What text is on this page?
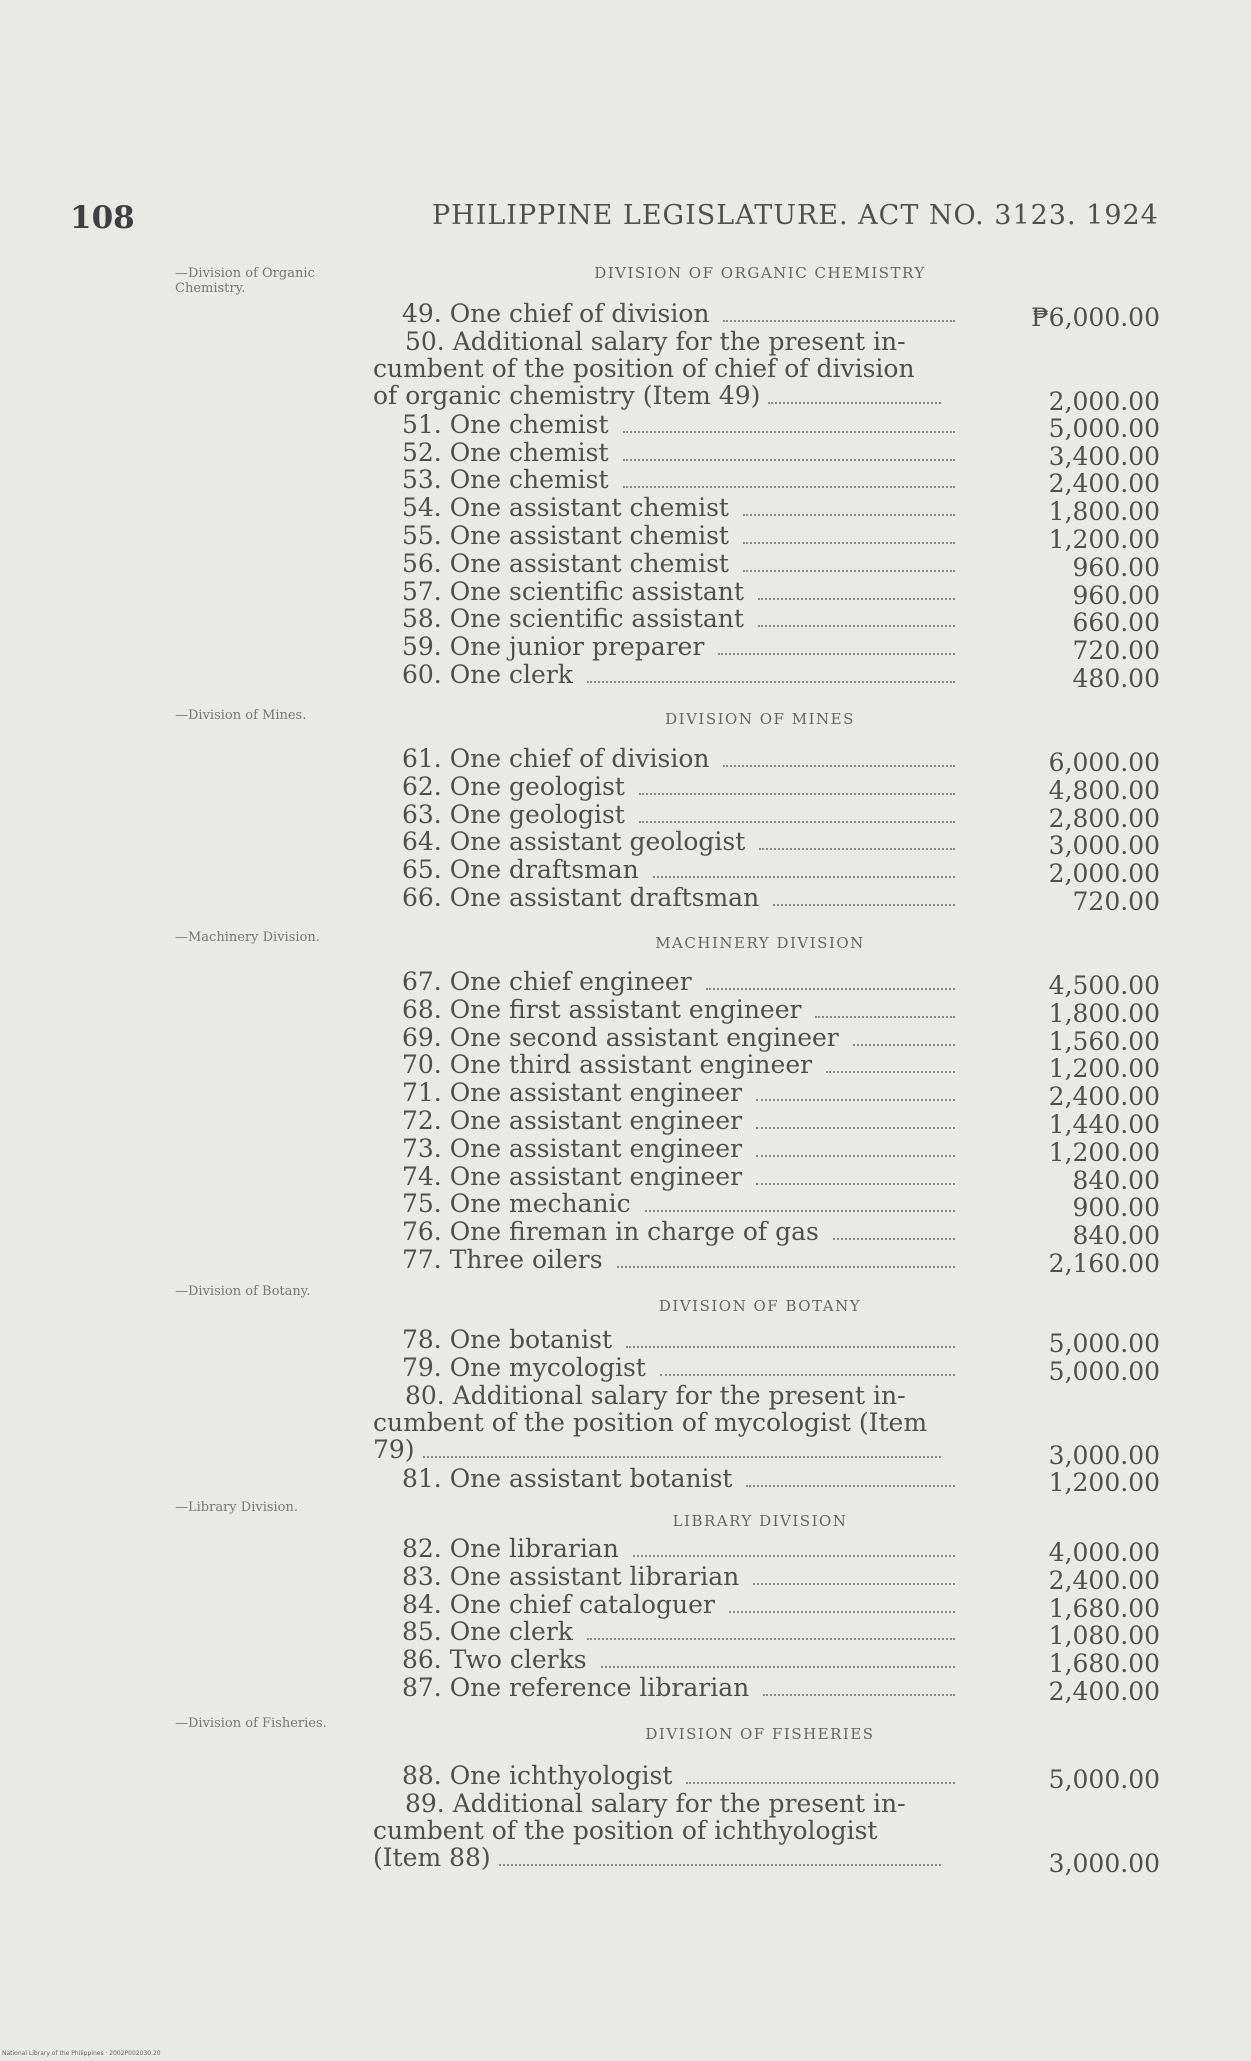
108	PHILIPPINE LEGISLATURE. ACT NO. 3123. 1924
—Division of Organic Chemistry.
—Division of Mines.
—Machinery Division.
—Division of Botany.
—Library Division.
—Division of Fisheries.
DIVISION OF ORGANIC CHEMISTRY
49. One chief of division	₱6,000.00
50. Additional salary for the present in-
cumbent of the position of chief of division
of organic chemistry (Item 49)	2,000.00
51. One chemist	5,000.00
52. One chemist	3,400.00
53. One chemist	2,400.00
54. One assistant chemist	1,800.00
55. One assistant chemist	1,200.00
56. One assistant chemist	960.00
57. One scientific assistant	960.00
58. One scientific assistant	660.00
59. One junior preparer	720.00
60. One clerk	480.00
DIVISION OF MINES
61. One chief of division	6,000.00
62. One geologist	4,800.00
63. One geologist	2,800.00
64. One assistant geologist	3,000.00
65. One draftsman	2,000.00
66. One assistant draftsman	720.00
MACHINERY DIVISION
67. One chief engineer	4,500.00
68. One first assistant engineer	1,800.00
69. One second assistant engineer	1,560.00
70. One third assistant engineer	1,200.00
71. One assistant engineer	2,400.00
72. One assistant engineer	1,440.00
73. One assistant engineer	1,200.00
74. One assistant engineer	840.00
75. One mechanic	900.00
76. One fireman in charge of gas	840.00
77. Three oilers	2,160.00
DIVISION OF BOTANY
78. One botanist	5,000.00
79. One mycologist	5,000.00
80. Additional salary for the present in-
cumbent of the position of mycologist (Item
79)	3,000.00
81. One assistant botanist	1,200.00
LIBRARY DIVISION
82. One librarian	4,000.00
83. One assistant librarian	2,400.00
84. One chief cataloguer	1,680.00
85. One clerk	1,080.00
86. Two clerks	1,680.00
87. One reference librarian	2,400.00
DIVISION OF FISHERIES
88. One ichthyologist	5,000.00
89. Additional salary for the present in-
cumbent of the position of ichthyologist
(Item 88)	3,000.00
National Library of the Philippines · 2002P002030.20
